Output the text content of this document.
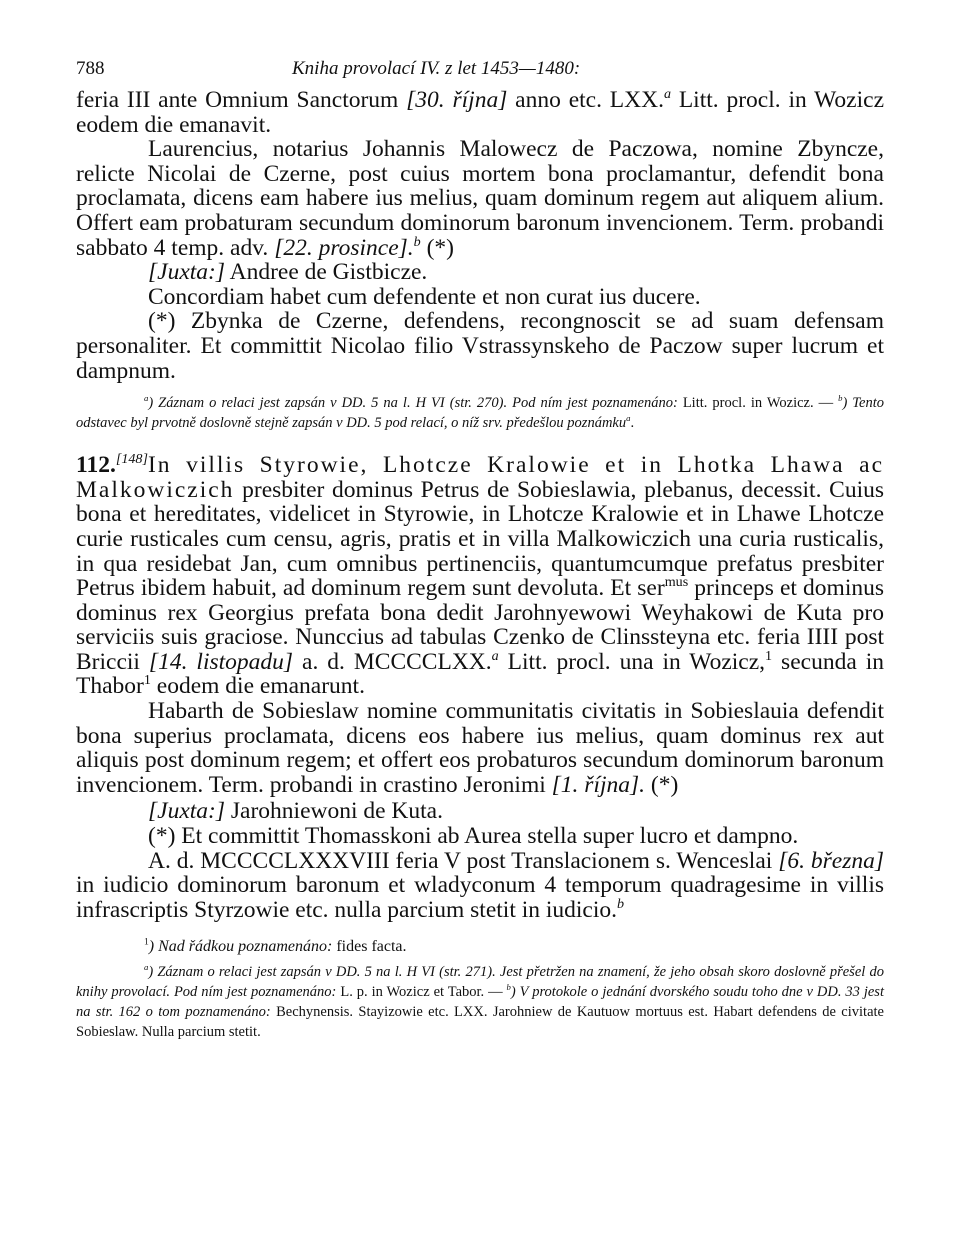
788	Kniha provolací IV. z let 1453—1480:

feria III ante Omnium Sanctorum [30. října] anno etc. LXX.$^a$ Litt. procl. in Wozicz eodem die emanavit.

Laurencius, notarius Johannis Malowecz de Paczowa, nomine Zbyncze, relicte Nicolai de Czerne, post cuius mortem bona proclamantur, defendit bona proclamata, dicens eam habere ius melius, quam dominum regem aut aliquem alium. Offert eam probaturam secundum dominorum baronum invencionem. Term. probandi sabbato 4 temp. adv. [22. prosince].$^b$ (*)

[Juxta:] Andree de Gistbicze.

Concordiam habet cum defendente et non curat ius ducere.

(*) Zbynka de Czerne, defendens, recongnoscit se ad suam defensam personaliter. Et committit Nicolao filio Vstrassynskeho de Paczow super lucrum et dampnum.

$^a$) Záznam o relaci jest zapsán v DD. 5 na l. H VI (str. 270). Pod ním jest poznamenáno: Litt. procl. in Wozicz. — $^b$) Tento odstavec byl prvotně doslovně stejně zapsán v DD. 5 pod relací, o níž srv. předešlou poznámku$^a$.

112.[148]In villis Styrowie, Lhotcze Kralowie et in Lhotka Lhawa ac Malkowiczich presbiter dominus Petrus de Sobieslawia, plebanus, decessit. Cuius bona et hereditates, videlicet in Styrowie, in Lhotcze Kralowie et in Lhawe Lhotcze curie rusticales cum censu, agris, pratis et in villa Malkowiczich una curia rusticalis, in qua residebat Jan, cum omnibus pertinenciis, quantumcumque prefatus presbiter Petrus ibidem habuit, ad dominum regem sunt devoluta. Et ser$^{mus}$ princeps et dominus dominus rex Georgius prefata bona dedit Jarohnyewowi Weyhakowi de Kuta pro serviciis suis graciose. Nunccius ad tabulas Czenko de Clinssteyna etc. feria IIII post Briccii [14. listopadu] a. d. MCCCCLXX.$^a$ Litt. procl. una in Wozicz,$^1$ secunda in Thabor$^1$ eodem die emanarunt.

Habarth de Sobieslaw nomine communitatis civitatis in Sobieslauia defendit bona superius proclamata, dicens eos habere ius melius, quam dominus rex aut aliquis post dominum regem; et offert eos probaturos secundum dominorum baronum invencionem. Term. probandi in crastino Jeronimi [1. října]. (*)

[Juxta:] Jarohniewoni de Kuta.

(*) Et committit Thomasskoni ab Aurea stella super lucro et dampno.

A. d. MCCCCLXXXVIII feria V post Translacionem s. Wenceslai [6. března] in iudicio dominorum baronum et wladyconum 4 temporum quadragesime in villis infrascriptis Styrzowie etc. nulla parcium stetit in iudicio.$^b$

$^1$) Nad řádkou poznamenáno: fides facta.

$^a$) Záznam o relaci jest zapsán v DD. 5 na l. H VI (str. 271). Jest přetržen na znamení, že jeho obsah skoro doslovně přešel do knihy provolací. Pod ním jest poznamenáno: L. p. in Wozicz et Tabor. — $^b$) V protokole o jednání dvorského soudu toho dne v DD. 33 jest na str. 162 o tom poznamenáno: Bechynensis. Stayizowie etc. LXX. Jarohniew de Kautuow mortuus est. Habart defendens de civitate Sobieslaw. Nulla parcium stetit.
